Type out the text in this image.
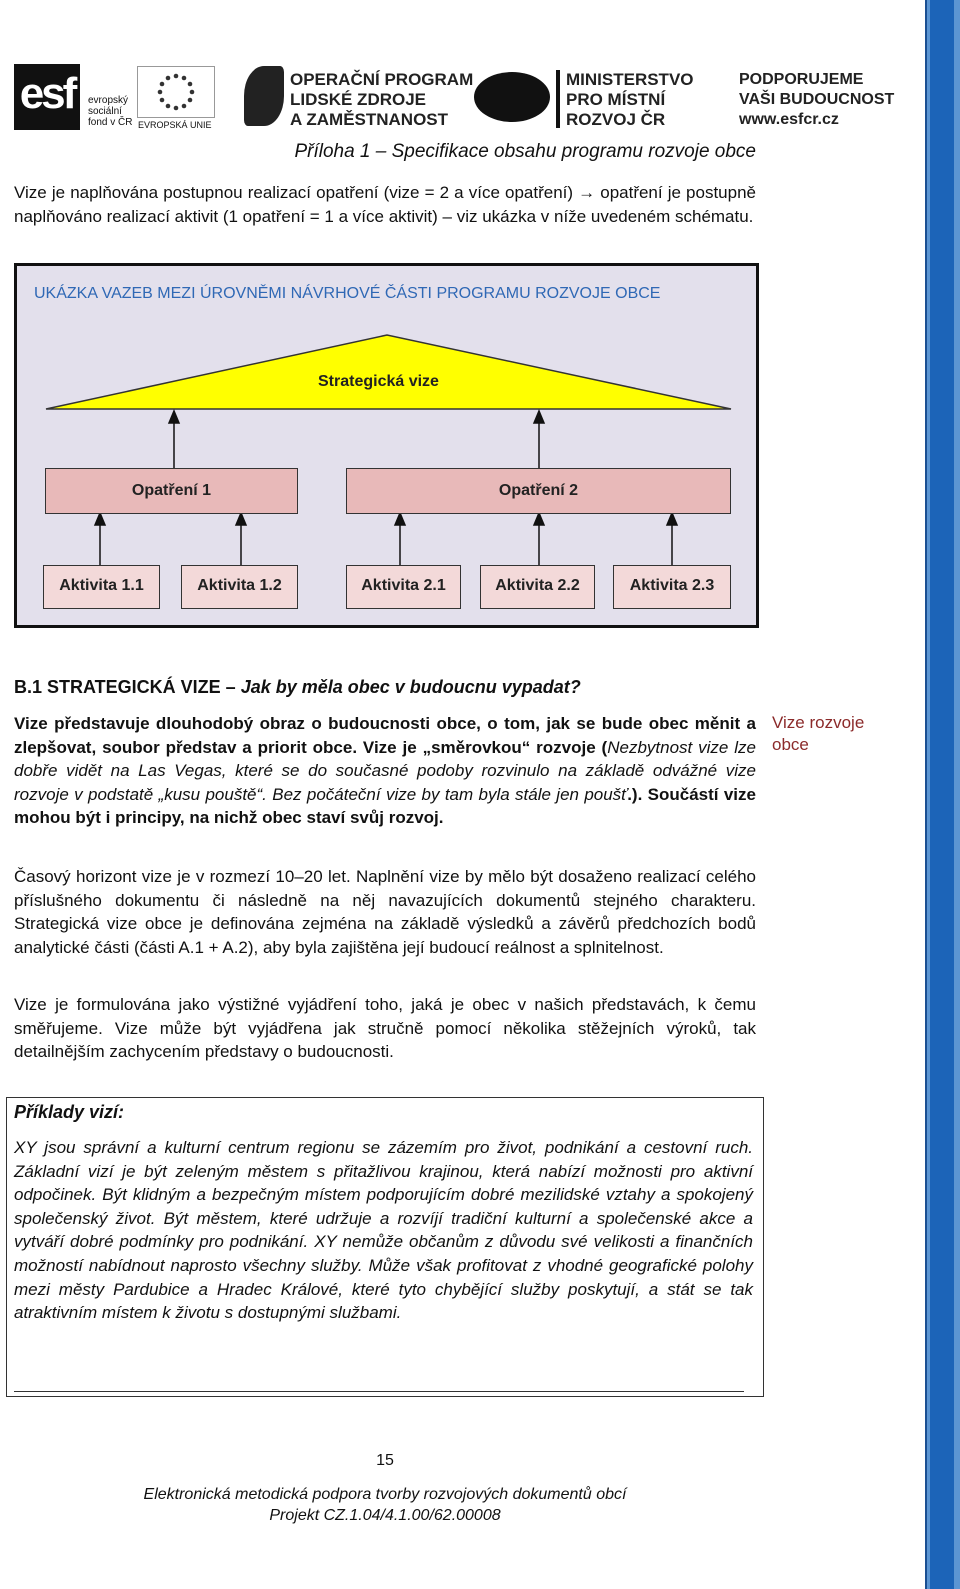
esf	evropský
sociální
fond v ČR EVROPSKÁ UNIE
OPERAČNÍ PROGRAM
LIDSKÉ ZDROJE
A ZAMĚSTNANOST
MINISTERSTVO
PRO MÍSTNÍ
ROZVOJ ČR
PODPORUJEME
VAŠI BUDOUCNOST
www.esfcr.cz
Příloha 1 – Specifikace obsahu programu rozvoje obce
Vize je naplňována postupnou realizací opatření (vize = 2 a více opatření) → opatření je postupně naplňováno realizací aktivit (1 opatření = 1 a více aktivit) – viz ukázka v níže uvedeném schématu.
UKÁZKA VAZEB MEZI ÚROVNĚMI NÁVRHOVÉ ČÁSTI PROGRAMU ROZVOJE OBCE
Strategická vize
Opatření 1	Opatření 2
Aktivita 1.1	Aktivita 1.2	Aktivita 2.1	Aktivita 2.2	Aktivita 2.3
B.1 STRATEGICKÁ VIZE – Jak by měla obec v budoucnu vypadat?
Vize rozvoje obce
Vize představuje dlouhodobý obraz o budoucnosti obce, o tom, jak se bude obec měnit a zlepšovat, soubor představ a priorit obce. Vize je „směrovkou“ rozvoje (Nezbytnost vize lze dobře vidět na Las Vegas, které se do současné podoby rozvinulo na základě odvážné vize rozvoje v podstatě „kusu pouště“. Bez počáteční vize by tam byla stále jen poušť.). Součástí vize mohou být i principy, na nichž obec staví svůj rozvoj.
Časový horizont vize je v rozmezí 10–20 let. Naplnění vize by mělo být dosaženo realizací celého příslušného dokumentu či následně na něj navazujících dokumentů stejného charakteru. Strategická vize obce je definována zejména na základě výsledků a závěrů předchozích bodů analytické části (části A.1 + A.2), aby byla zajištěna její budoucí reálnost a splnitelnost.
Vize je formulována jako výstižné vyjádření toho, jaká je obec v našich představách, k čemu směřujeme. Vize může být vyjádřena jak stručně pomocí několika stěžejních výroků, tak detailnějším zachycením představy o budoucnosti.
Příklady vizí:
XY jsou správní a kulturní centrum regionu se zázemím pro život, podnikání a cestovní ruch. Základní vizí je být zeleným městem s přitažlivou krajinou, která nabízí možnosti pro aktivní odpočinek. Být klidným a bezpečným místem podporujícím dobré mezilidské vztahy a spokojený společenský život. Být městem, které udržuje a rozvíjí tradiční kulturní a společenské akce a vytváří dobré podmínky pro podnikání. XY nemůže občanům z důvodu své velikosti a finančních možností nabídnout naprosto všechny služby. Může však profitovat z vhodné geografické polohy mezi městy Pardubice a Hradec Králové, které tyto chybějící služby poskytují, a stát se tak atraktivním místem k životu s dostupnými službami.
15
Elektronická metodická podpora tvorby rozvojových dokumentů obcí
Projekt CZ.1.04/4.1.00/62.00008
